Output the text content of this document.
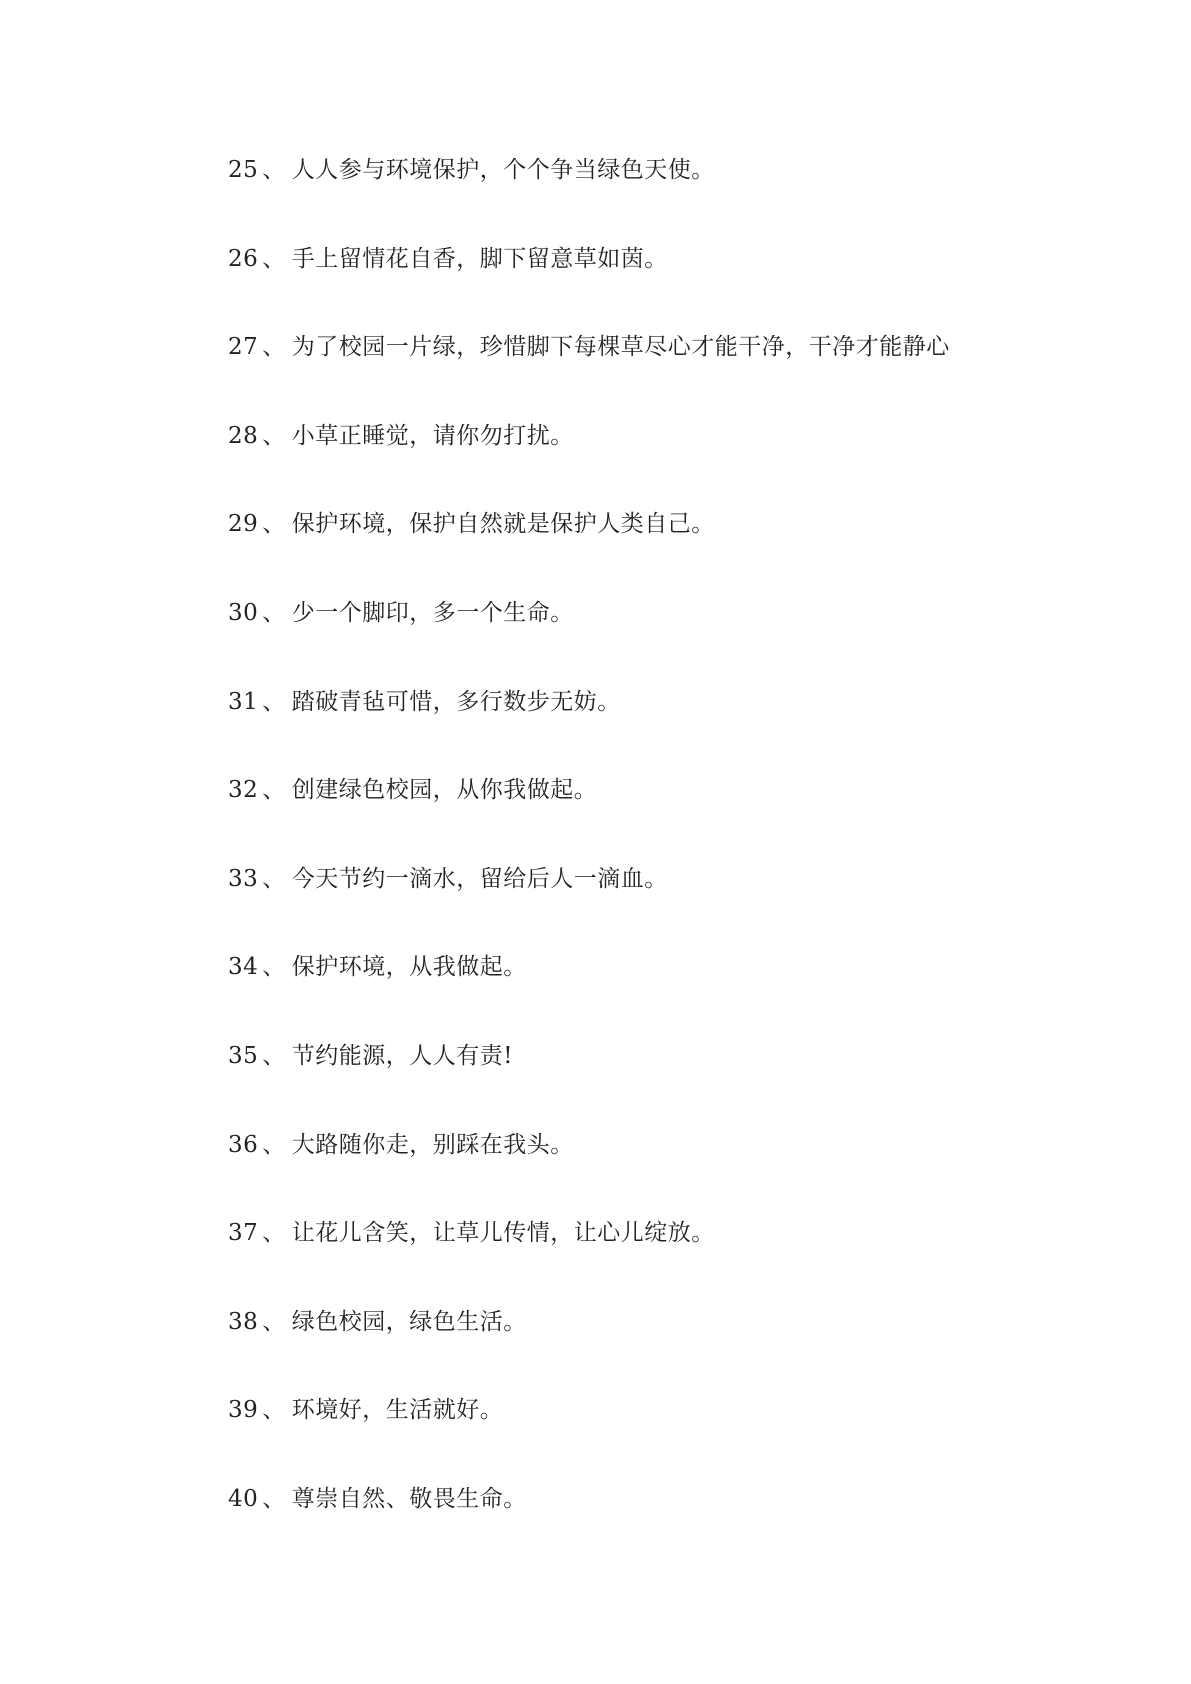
25 、 人人参与环境保护，个个争当绿色天使。
26 、 手上留情花自香，脚下留意草如茵。
27 、 为了校园一片绿，珍惜脚下每棵草尽心才能干净，干净才能静心
28 、 小草正睡觉，请你勿打扰。
29 、 保护环境，保护自然就是保护人类自己。
30 、 少一个脚印，多一个生命。
31 、 踏破青毡可惜，多行数步无妨。
32 、 创建绿色校园，从你我做起。
33 、 今天节约一滴水，留给后人一滴血。
34 、 保护环境，从我做起。
35 、 节约能源，人人有责!
36 、 大路随你走，别踩在我头。
37 、 让花儿含笑，让草儿传情，让心儿绽放。
38 、 绿色校园，绿色生活。
39 、 环境好，生活就好。
40 、 尊崇自然、敬畏生命。
